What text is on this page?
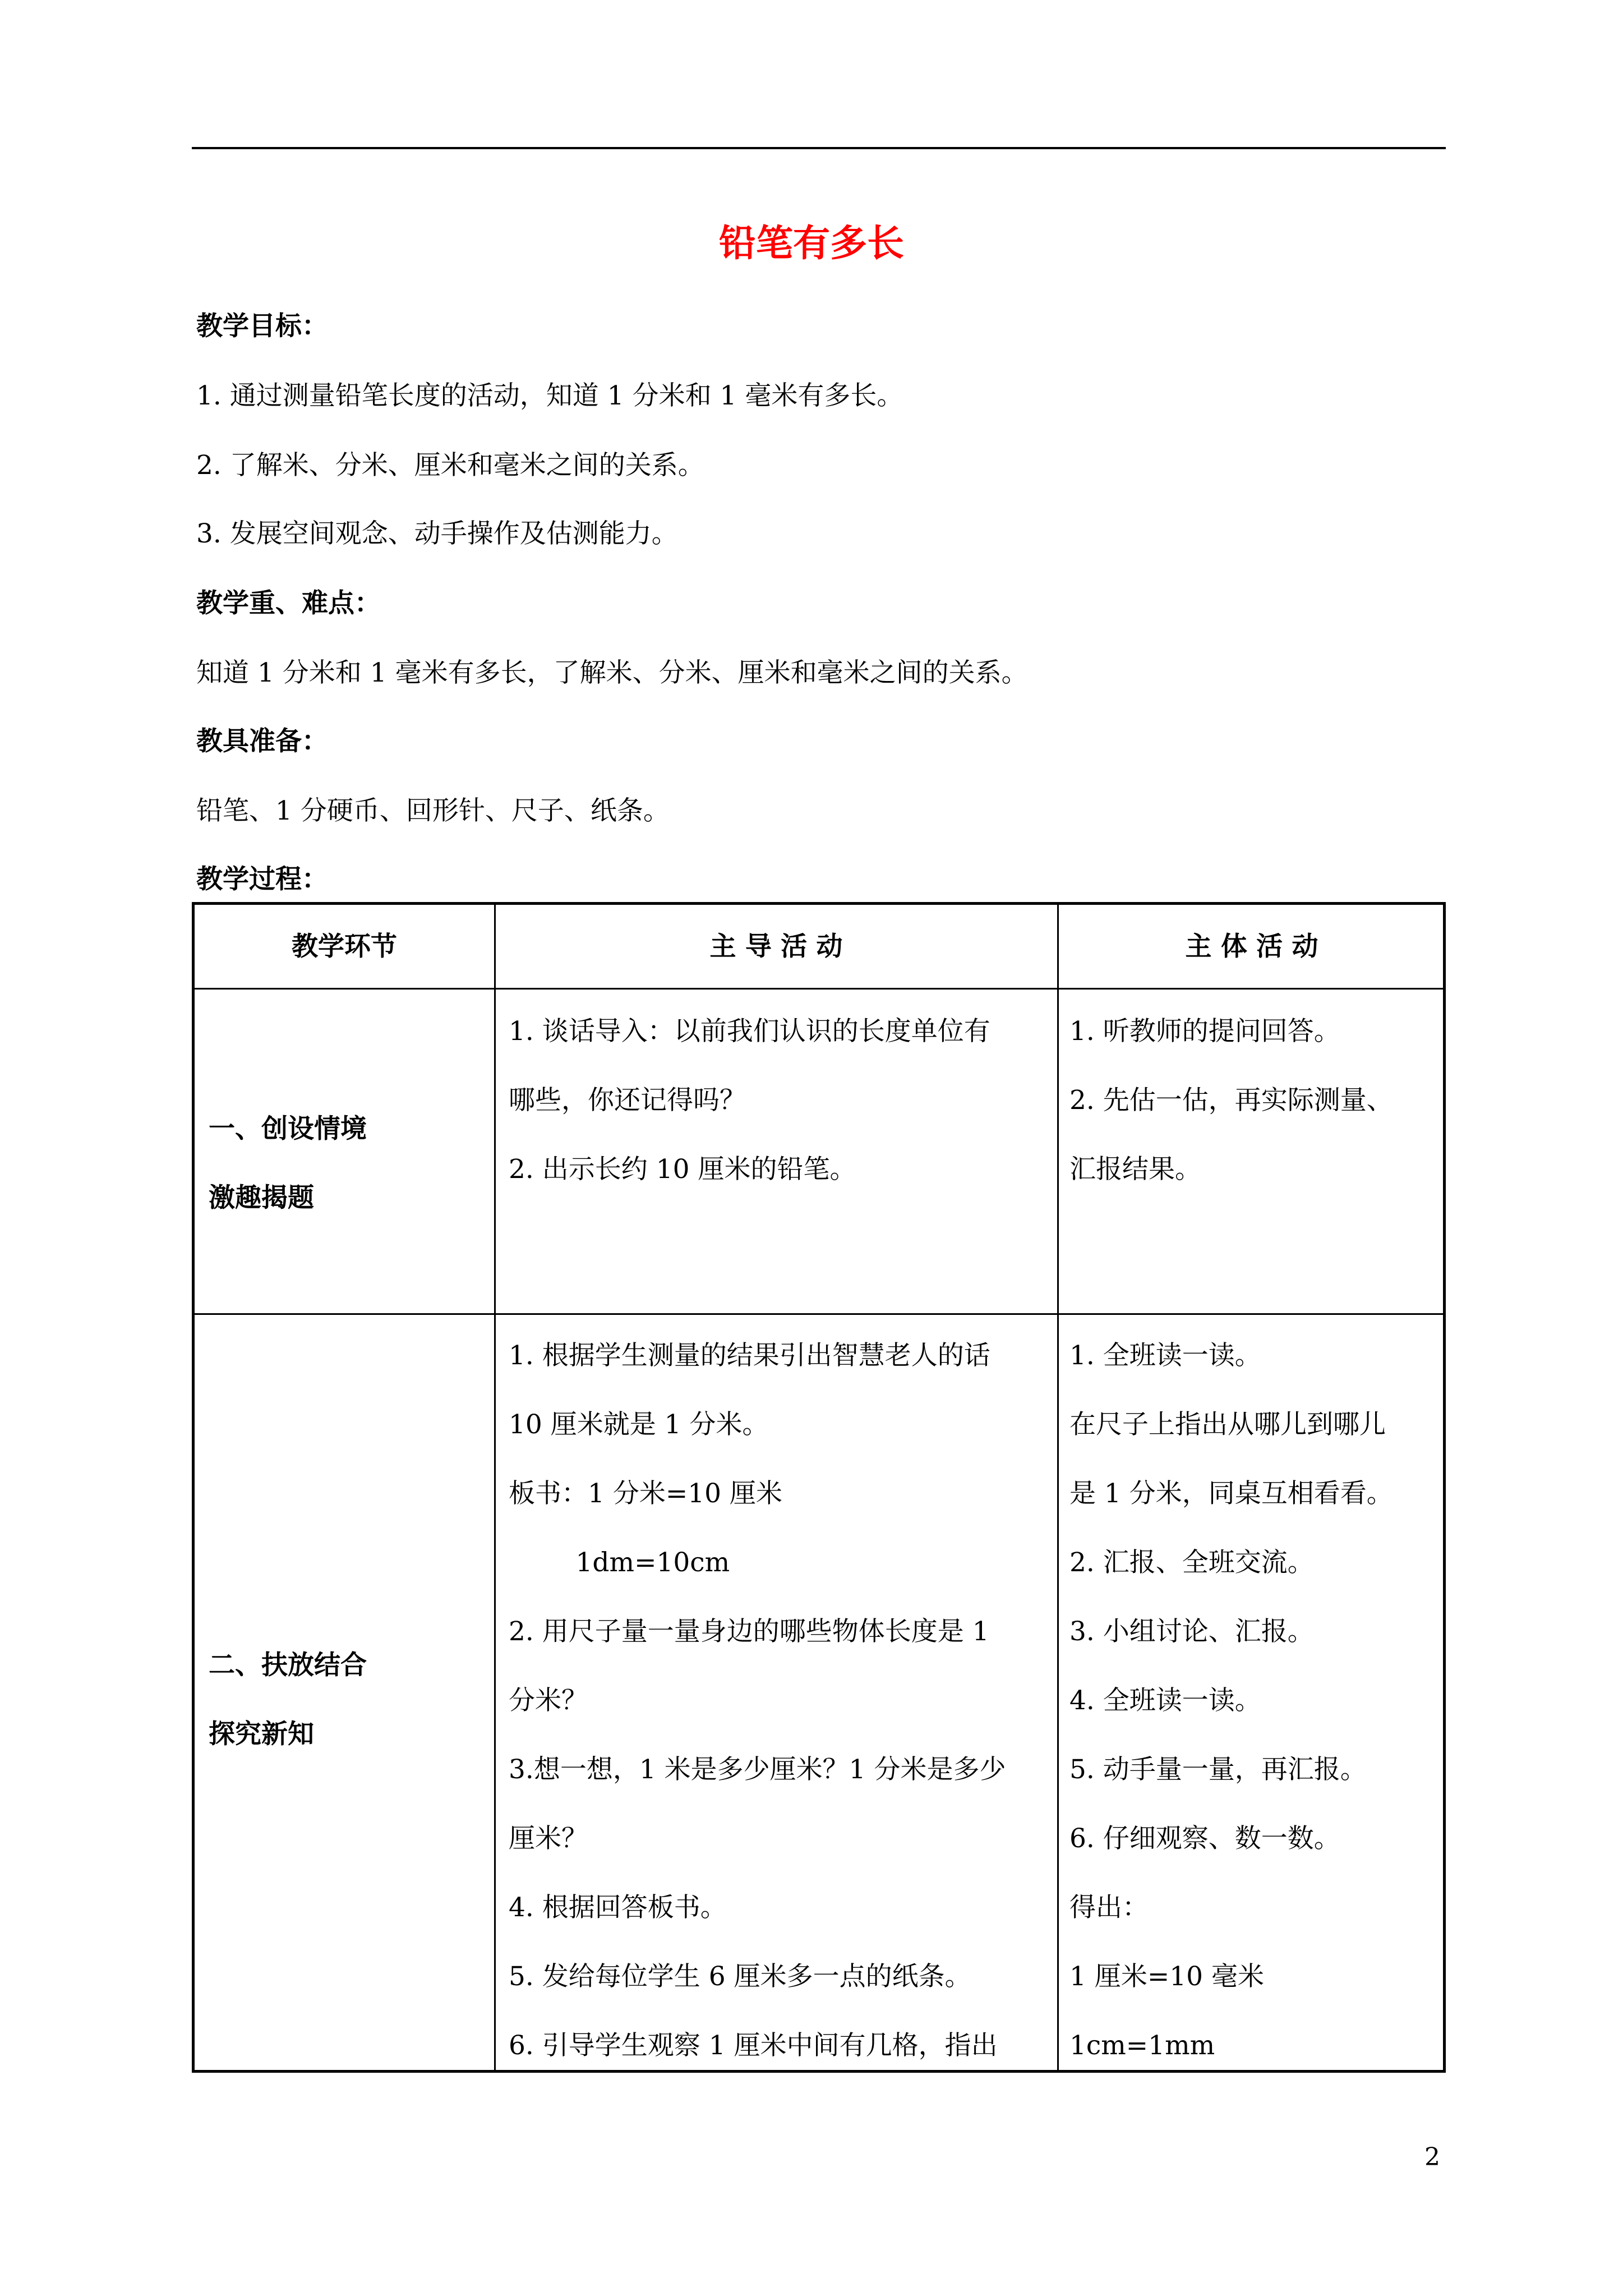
铅笔有多长
教学目标：
1. 通过测量铅笔长度的活动，知道 1 分米和 1 毫米有多长。
2. 了解米、分米、厘米和毫米之间的关系。
3. 发展空间观念、动手操作及估测能力。
教学重、难点：
知道 1 分米和 1 毫米有多长，了解米、分米、厘米和毫米之间的关系。
教具准备：
铅笔、1 分硬币、回形针、尺子、纸条。
教学过程：
教学环节	主 导 活 动	主 体 活 动
一、创设情境
激趣揭题
1. 谈话导入：以前我们认识的长度单位有
哪些，你还记得吗？
2. 出示长约 10 厘米的铅笔。
1. 听教师的提问回答。
2. 先估一估，再实际测量、
汇报结果。
二、扶放结合
探究新知
1. 根据学生测量的结果引出智慧老人的话
10 厘米就是 1 分米。
板书：1 分米=10 厘米
1dm=10cm
2. 用尺子量一量身边的哪些物体长度是 1
分米？
3.想一想，1 米是多少厘米？1 分米是多少
厘米？
4. 根据回答板书。
5. 发给每位学生 6 厘米多一点的纸条。
6. 引导学生观察 1 厘米中间有几格，指出
1. 全班读一读。
在尺子上指出从哪儿到哪儿
是 1 分米，同桌互相看看。
2. 汇报、全班交流。
3. 小组讨论、汇报。
4. 全班读一读。
5. 动手量一量，再汇报。
6. 仔细观察、数一数。
得出：
1 厘米=10 毫米
1cm=1mm
2
